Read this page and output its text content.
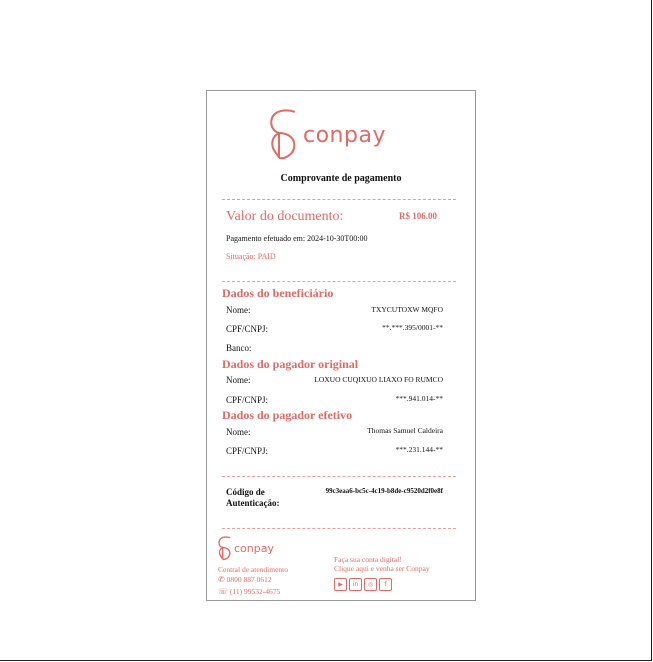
conpay
Comprovante de pagamento
Valor do documento:	R$ 106.00
Pagamento efetuado em: 2024-10-30T00:00
Situação: PAID
Dados do beneficiário
Nome:	TXYCUTOXW MQFO
CPF/CNPJ:	**.***.395/0001-**
Banco:
Dados do pagador original
Nome:	LOXUO CUQIXUO LIAXO FO RUMCO
CPF/CNPJ:	***.941.014-**
Dados do pagador efetivo
Nome:	Thomas Samuel Caldeira
CPF/CNPJ:	***.231.144-**
Código de
Autenticação:
99c3eaa6-bc5c-4c19-b8de-c9520d2f0e8f
conpay
Central de atendimento
✆ 0800 887 0612
☏ (11) 99532-4675
Faça sua conta digital!
Clique aqui e venha ser Conpay
▶	in	◎	f
